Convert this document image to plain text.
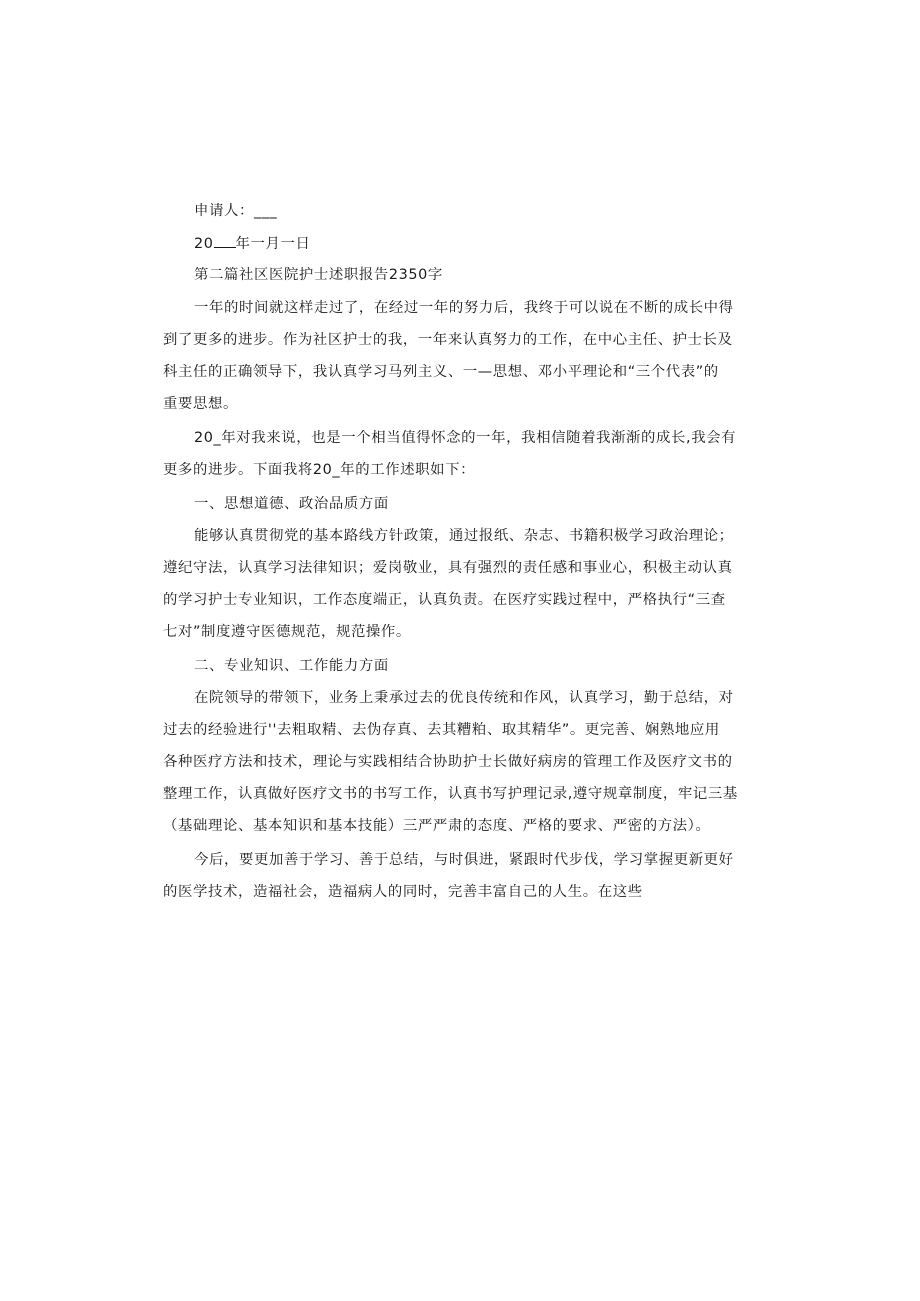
申请人：___
20 年一月一日
第二篇社区医院护士述职报告2350字
一年的时间就这样走过了，在经过一年的努力后，我终于可以说在不断的成长中得
到了更多的进步。作为社区护士的我，一年来认真努力的工作，在中心主任、护士长及
科主任的正确领导下，我认真学习马列主义、一—思想、邓小平理论和“三个代表”的
重要思想。
20_年对我来说，也是一个相当值得怀念的一年，我相信随着我渐渐的成长,我会有
更多的进步。下面我将20_年的工作述职如下：
一、思想道德、政治品质方面
能够认真贯彻党的基本路线方针政策，通过报纸、杂志、书籍积极学习政治理论；
遵纪守法，认真学习法律知识；爱岗敬业，具有强烈的责任感和事业心，积极主动认真
的学习护士专业知识，工作态度端正，认真负责。在医疗实践过程中，严格执行“三查
七对”制度遵守医德规范，规范操作。
二、专业知识、工作能力方面
在院领导的带领下，业务上秉承过去的优良传统和作风，认真学习，勤于总结，对
过去的经验进行''去粗取精、去伪存真、去其糟粕、取其精华”。更完善、娴熟地应用
各种医疗方法和技术，理论与实践相结合协助护士长做好病房的管理工作及医疗文书的
整理工作，认真做好医疗文书的书写工作，认真书写护理记录,遵守规章制度，牢记三基
（基础理论、基本知识和基本技能）三严严肃的态度、严格的要求、严密的方法）。
今后，要更加善于学习、善于总结，与时俱进，紧跟时代步伐，学习掌握更新更好
的医学技术，造福社会，造福病人的同时，完善丰富自己的人生。在这些
